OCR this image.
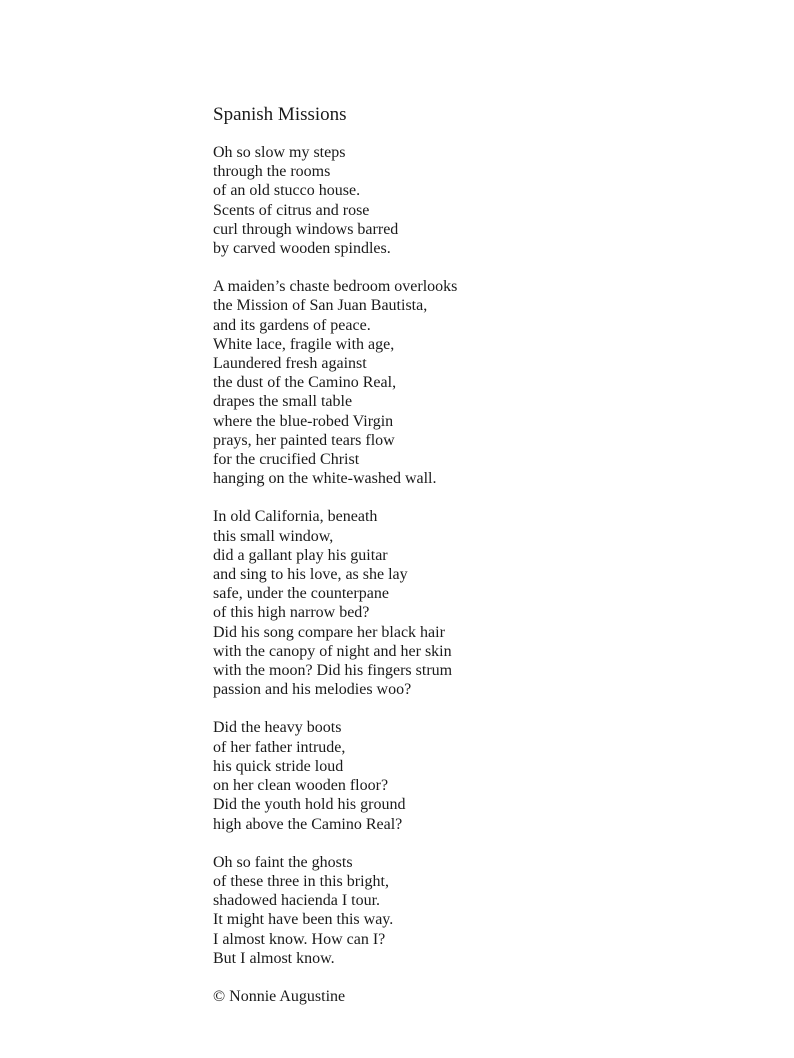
Spanish Missions
Oh so slow my steps
through the rooms
of an old stucco house.
Scents of citrus and rose
curl through windows barred
by carved wooden spindles.
A maiden’s chaste bedroom overlooks
the Mission of San Juan Bautista,
and its gardens of peace.
White lace, fragile with age,
Laundered fresh against
the dust of the Camino Real,
drapes the small table
where the blue-robed Virgin
prays, her painted tears flow
for the crucified Christ
hanging on the white-washed wall.
In old California, beneath
this small window,
did a gallant play his guitar
and sing to his love, as she lay
safe, under the counterpane
of this high narrow bed?
Did his song compare her black hair
with the canopy of night and her skin
with the moon? Did his fingers strum
passion and his melodies woo?
Did the heavy boots
of her father intrude,
his quick stride loud
on her clean wooden floor?
Did the youth hold his ground
high above the Camino Real?
Oh so faint the ghosts
of these three in this bright,
shadowed hacienda I tour.
It might have been this way.
I almost know. How can I?
But I almost know.
© Nonnie Augustine
